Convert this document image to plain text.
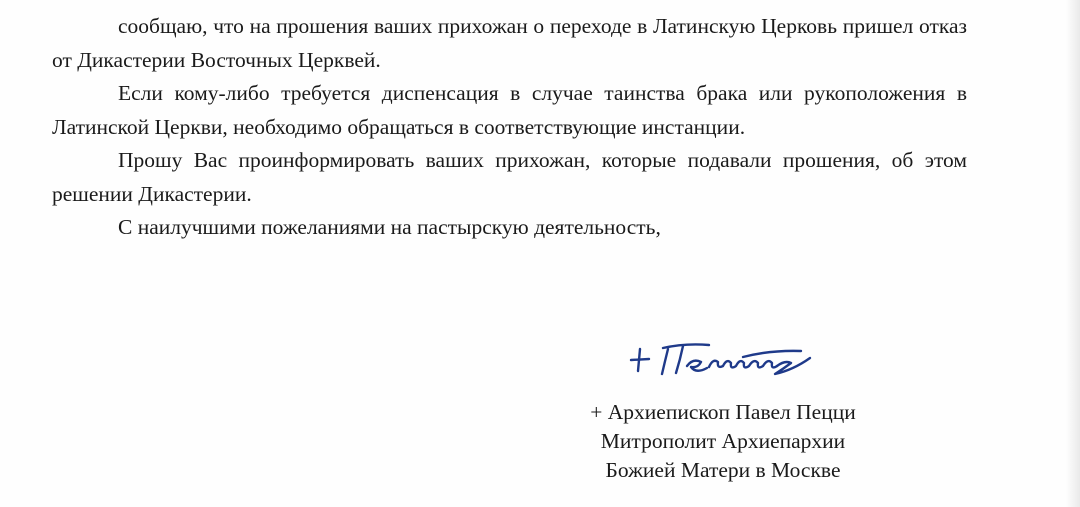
сообщаю, что на прошения ваших прихожан о переходе в Латинскую Церковь пришел отказ от Дикастерии Восточных Церквей.

Если кому-либо требуется диспенсация в случае таинства брака или рукоположения в Латинской Церкви, необходимо обращаться в соответствующие инстанции.

Прошу Вас проинформировать ваших прихожан, которые подавали прошения, об этом решении Дикастерии.

С наилучшими пожеланиями на пастырскую деятельность,

+ Архиепископ Павел Пецци
Митрополит Архиепархии
Божией Матери в Москве
